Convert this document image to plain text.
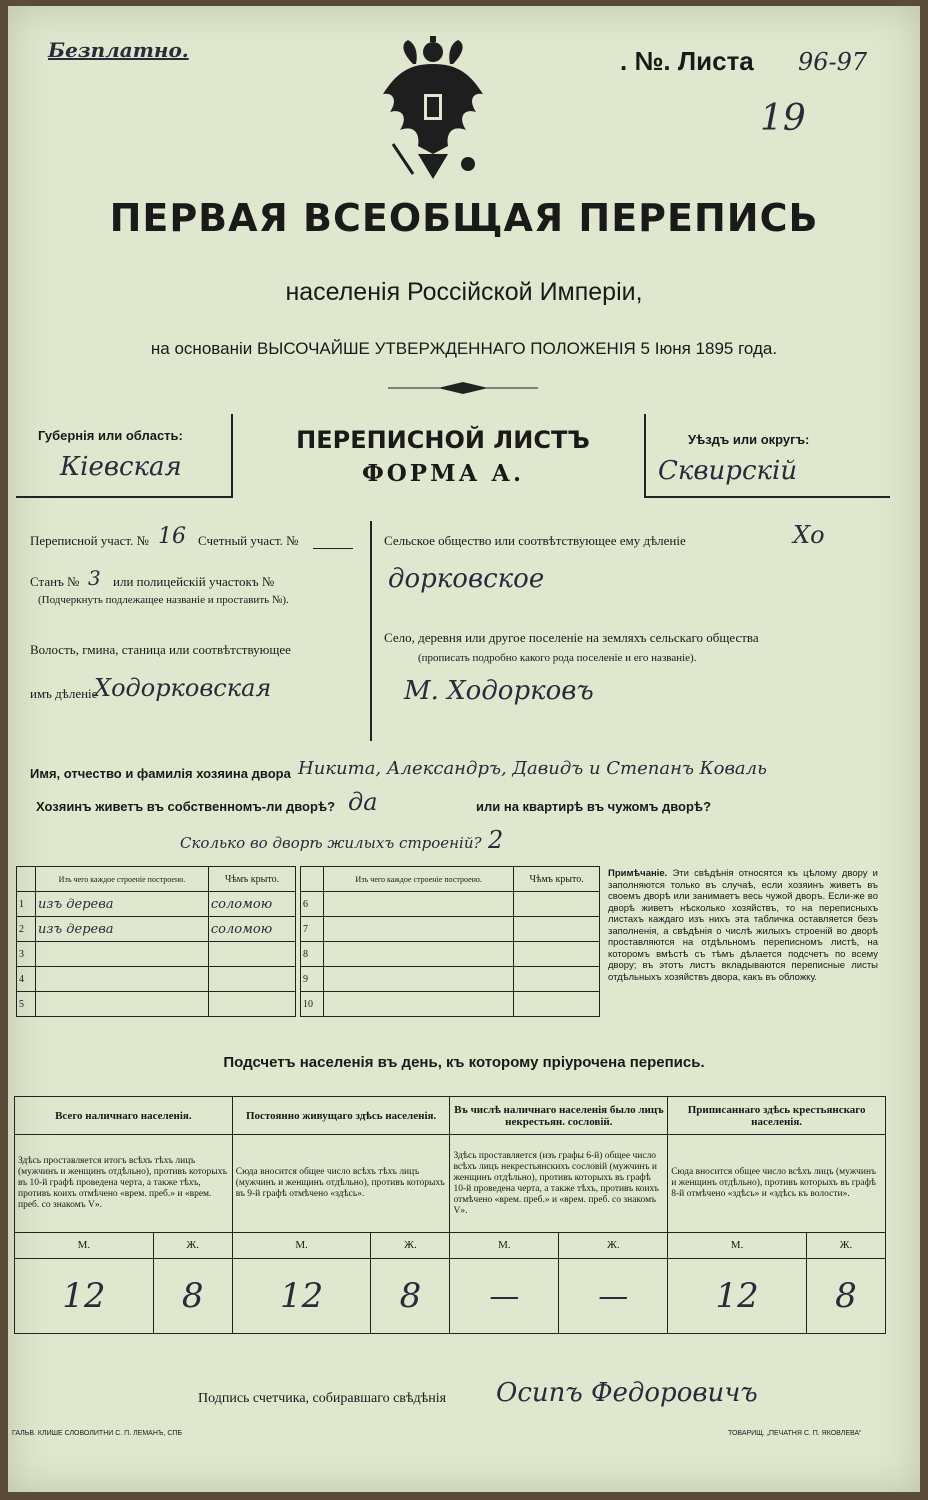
Безплатно.	. №. Листа 96-97
19
ПЕРВАЯ ВСЕОБЩАЯ ПЕРЕПИСЬ
населенія Россійской Имперіи,
на основаніи ВЫСОЧАЙШЕ УТВЕРЖДЕННАГО ПОЛОЖЕНІЯ 5 Іюня 1895 года.
Губернія или область:
Кіевская
ПЕРЕПИСНОЙ ЛИСТЪ
ФОРМА А.
Уѣздъ или округъ:
Сквирскій
Переписной участ. № 16 Счетный участ. №
Станъ № 3 или полицейскій участокъ №
(Подчеркнуть подлежащее названіе и проставить №).
Волость, гмина, станица или соотвѣтствующее
имъ дѣленіе
Ходорковская
Сельское общество или соотвѣтствующее ему дѣленіе	Хо
дорковское
Село, деревня или другое поселеніе на земляхъ сельскаго общества
(прописать подробно какого рода поселеніе и его названіе).
М. Ходорковъ
Имя, отчество и фамилія хозяина двора Никита, Александръ, Давидъ и Степанъ Коваль
Хозяинъ живетъ въ собственномъ-ли дворѣ? да	или на квартирѣ въ чужомъ дворѣ?
Сколько во дворѣ жилыхъ строеній? 2
	Изъ чего каждое строеніе построено.	Чѣмъ крыто.
1	изъ дерева	соломою
2	изъ дерева	соломою
3		
4		
5		
	Изъ чего каждое строеніе построено.	Чѣмъ крыто.
6		
7		
8		
9		
10		
Примѣчаніе. Эти свѣдѣнія относятся къ цѣлому двору и заполняются только въ случаѣ, если хозяинъ живетъ въ своемъ дворѣ или занимаетъ весь чужой дворъ. Если-же во дворѣ живетъ нѣсколько хозяйствъ, то на переписныхъ листахъ каждаго изъ нихъ эта табличка оставляется безъ заполненія, а свѣдѣнія о числѣ жилыхъ строеній во дворѣ проставляются на отдѣльномъ переписномъ листѣ, на которомъ вмѣстѣ съ тѣмъ дѣлается подсчетъ по всему двору; въ этотъ листъ вкладываются переписные листы отдѣльныхъ хозяйствъ двора, какъ въ обложку.
Подсчетъ населенія въ день, къ которому пріурочена перепись.
Всего наличнаго населенія.		Постоянно живущаго здѣсь населенія.		Въ числѣ наличнаго населенія было лицъ некрестьян. сословій.		Приписаннаго здѣсь крестьянскаго населенія.	
Здѣсь проставляется итогъ всѣхъ тѣхъ лицъ (мужчинъ и женщинъ отдѣльно), противъ которыхъ въ 10-й графѣ проведена черта, а также тѣхъ, противъ коихъ отмѣчено «врем. преб.» и «врем. преб. со знакомъ V».		Сюда вносится общее число всѣхъ тѣхъ лицъ (мужчинъ и женщинъ отдѣльно), противъ которыхъ въ 9-й графѣ отмѣчено «здѣсь».		Здѣсь проставляется (изъ графы 6-й) общее число всѣхъ лицъ некрестьянскихъ сословій (мужчинъ и женщинъ отдѣльно), противъ которыхъ въ графѣ 10-й проведена черта, а также тѣхъ, противъ коихъ отмѣчено «врем. преб.» и «врем. преб. со знакомъ V».		Сюда вносится общее число всѣхъ лицъ (мужчинъ и женщинъ отдѣльно), противъ которыхъ въ графѣ 8-й отмѣчено «здѣсь» и «здѣсь къ волости».	
М.	Ж.	М.	Ж.	М.	Ж.	М.	Ж.
12	8	12	8	—	—	12	8
Подпись счетчика, собиравшаго свѣдѣнія Осипъ Федоровичъ
ГАЛЬВ. КЛИШЕ СЛОВОЛИТНИ С. П. ЛЕМАНЪ, СПБ	ТОВАРИЩ. „ПЕЧАТНЯ С. П. ЯКОВЛЕВА“
